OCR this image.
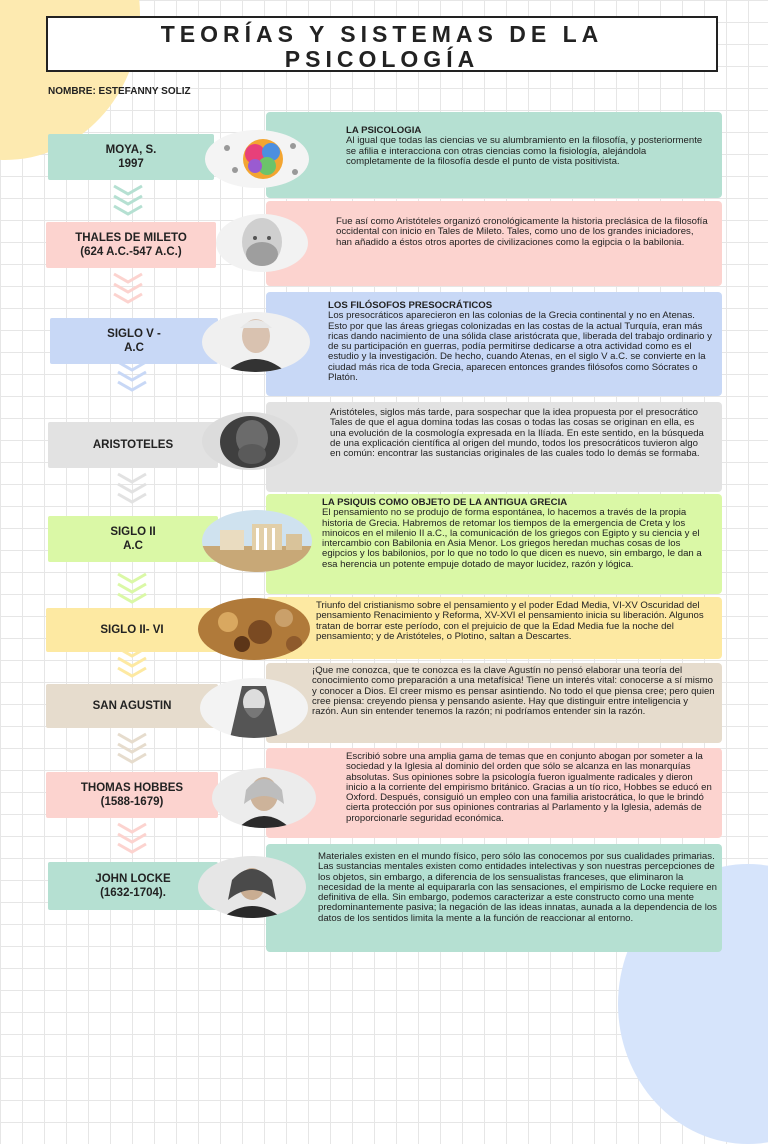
TEORÍAS Y SISTEMAS DE LA
PSICOLOGÍA
NOMBRE: ESTEFANNY SOLIZ
LA PSICOLOGIA
Al igual que todas las ciencias ve su alumbramiento en la filosofía, y posteriormente se afilia e interacciona con otras ciencias como la fisiología, alejándola completamente de la filosofía desde el punto de vista positivista.
MOYA, S.
1997
Fue así como Aristóteles organizó cronológicamente la historia preclásica de la filosofía occidental con inicio en Tales de Mileto. Tales, como uno de los grandes iniciadores, han añadido a éstos otros aportes de civilizaciones como la egipcia o la babilonia.
THALES DE MILETO
(624 A.C.-547 A.C.)
LOS FILÓSOFOS PRESOCRÁTICOS
Los presocráticos aparecieron en las colonias de la Grecia continental y no en Atenas. Esto por que las áreas griegas colonizadas en las costas de la actual Turquía, eran más ricas dando nacimiento de una sólida clase aristócrata que, liberada del trabajo ordinario y de su participación en guerras, podía permitirse dedicarse a otra actividad como es el estudio y la investigación. De hecho, cuando Atenas, en el siglo V a.C. se convierte en la ciudad más rica de toda Grecia, aparecen entonces grandes filósofos como Sócrates o Platón.
SIGLO V -
A.C
Aristóteles, siglos más tarde, para sospechar que la idea propuesta por el presocrático Tales de que el agua domina todas las cosas o todas las cosas se originan en ella, es una evolución de la cosmología expresada en la Ilíada. En este sentido, en la búsqueda de una explicación científica al origen del mundo, todos los presocráticos tuvieron algo en común: encontrar las sustancias originales de las cuales todo lo demás se formaba.
ARISTOTELES
LA PSIQUIS COMO OBJETO DE LA ANTIGUA GRECIA
El pensamiento no se produjo de forma espontánea, lo hacemos a través de la propia historia de Grecia. Habremos de retomar los tiempos de la emergencia de Creta y los minoicos en el milenio II a.C., la comunicación de los griegos con Egipto y su ciencia y el intercambio con Babilonia en Asia Menor. Los griegos heredan muchas cosas de los egipcios y los babilonios, por lo que no todo lo que dicen es nuevo, sin embargo, le dan a esa herencia un potente empuje dotado de mayor lucidez, razón y lógica.
SIGLO II
A.C
Triunfo del cristianismo sobre el pensamiento y el poder Edad Media, VI-XV Oscuridad del pensamiento Renacimiento y Reforma, XV-XVI el pensamiento inicia su liberación. Algunos tratan de borrar este período, con el prejuicio de que la Edad Media fue la noche del pensamiento; y de Aristóteles, o Plotino, saltan a Descartes.
SIGLO II- VI
¡Que me conozca, que te conozca es la clave Agustín no pensó elaborar una teoría del conocimiento como preparación a una metafísica! Tiene un interés vital: conocerse a sí mismo y conocer a Dios. El creer mismo es pensar asintiendo. No todo el que piensa cree; pero quien cree piensa: creyendo piensa y pensando asiente. Hay que distinguir entre inteligencia y razón. Aun sin entender tenemos la razón; ni podríamos entender sin la razón.
SAN AGUSTIN
Escribió sobre una amplia gama de temas que en conjunto abogan por someter a la sociedad y la Iglesia al dominio del orden que sólo se alcanza en las monarquías absolutas. Sus opiniones sobre la psicología fueron igualmente radicales y dieron inicio a la corriente del empirismo británico. Gracias a un tío rico, Hobbes se educó en Oxford. Después, consiguió un empleo con una familia aristocrática, lo que le brindó cierta protección por sus opiniones contrarias al Parlamento y la Iglesia, además de proporcionarle seguridad económica.
THOMAS HOBBES
(1588-1679)
Materiales existen en el mundo físico, pero sólo las conocemos por sus cualidades primarias. Las sustancias mentales existen como entidades intelectivas y son nuestras percepciones de los objetos, sin embargo, a diferencia de los sensualistas franceses, que eliminaron la necesidad de la mente al equipararla con las sensaciones, el empirismo de Locke requiere en definitiva de ella. Sin embargo, podemos caracterizar a este constructo como una mente predominantemente pasiva; la negación de las ideas innatas, aunada a la dependencia de los datos de los sentidos limita la mente a la función de reaccionar al entorno.
JOHN LOCKE
(1632-1704).
